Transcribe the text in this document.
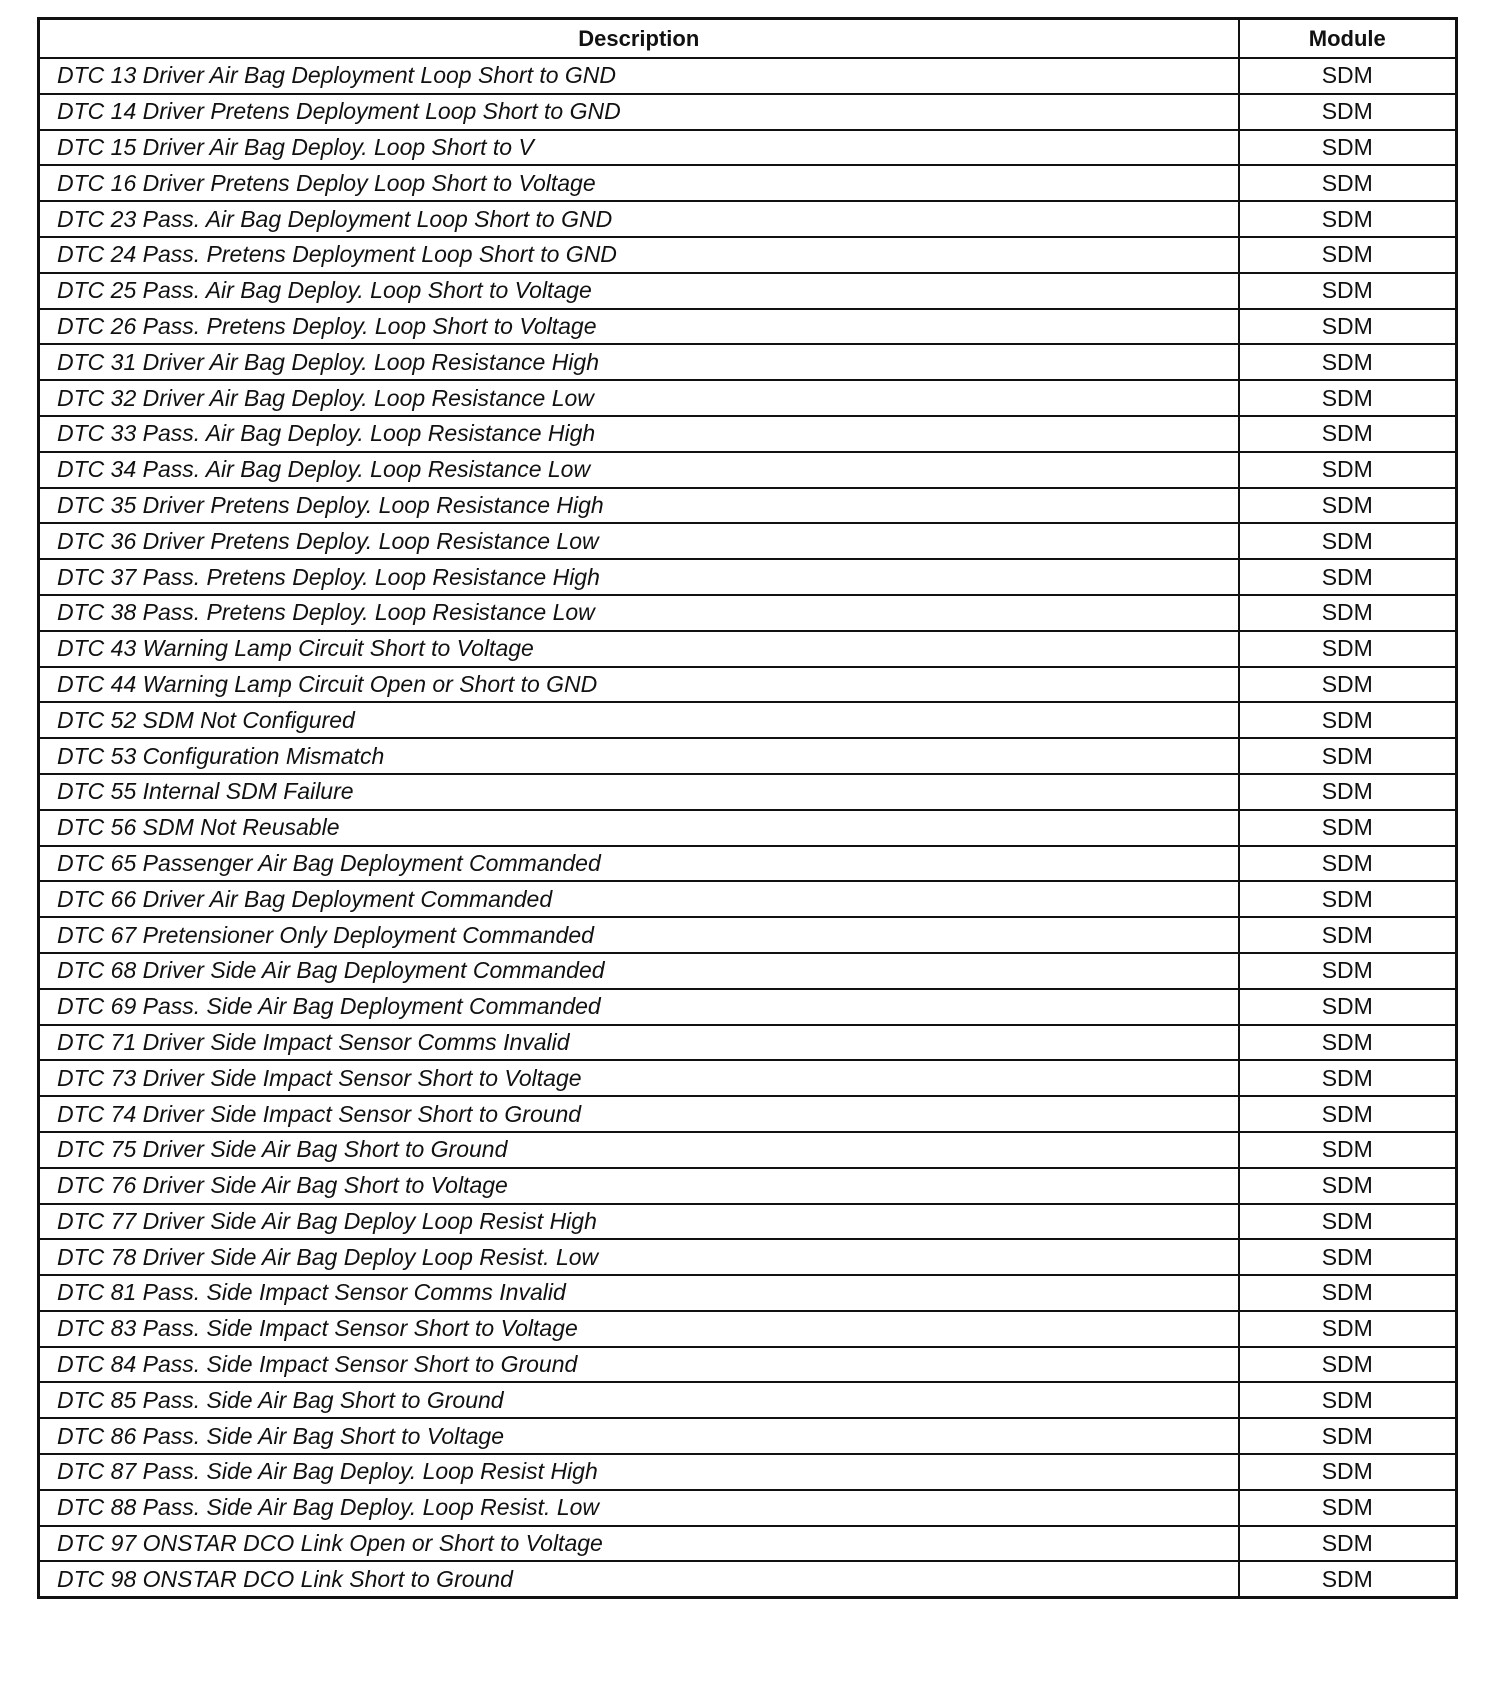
Description	Module
DTC 13 Driver Air Bag Deployment Loop Short to GND	SDM
DTC 14 Driver Pretens Deployment Loop Short to GND	SDM
DTC 15 Driver Air Bag Deploy. Loop Short to V	SDM
DTC 16 Driver Pretens Deploy Loop Short to Voltage	SDM
DTC 23 Pass. Air Bag Deployment Loop Short to GND	SDM
DTC 24 Pass. Pretens Deployment Loop Short to GND	SDM
DTC 25 Pass. Air Bag Deploy. Loop Short to Voltage	SDM
DTC 26 Pass. Pretens Deploy. Loop Short to Voltage	SDM
DTC 31 Driver Air Bag Deploy. Loop Resistance High	SDM
DTC 32 Driver Air Bag Deploy. Loop Resistance Low	SDM
DTC 33 Pass. Air Bag Deploy. Loop Resistance High	SDM
DTC 34 Pass. Air Bag Deploy. Loop Resistance Low	SDM
DTC 35 Driver Pretens Deploy. Loop Resistance High	SDM
DTC 36 Driver Pretens Deploy. Loop Resistance Low	SDM
DTC 37 Pass. Pretens Deploy. Loop Resistance High	SDM
DTC 38 Pass. Pretens Deploy. Loop Resistance Low	SDM
DTC 43 Warning Lamp Circuit Short to Voltage	SDM
DTC 44 Warning Lamp Circuit Open or Short to GND	SDM
DTC 52 SDM Not Configured	SDM
DTC 53 Configuration Mismatch	SDM
DTC 55 Internal SDM Failure	SDM
DTC 56 SDM Not Reusable	SDM
DTC 65 Passenger Air Bag Deployment Commanded	SDM
DTC 66 Driver Air Bag Deployment Commanded	SDM
DTC 67 Pretensioner Only Deployment Commanded	SDM
DTC 68 Driver Side Air Bag Deployment Commanded	SDM
DTC 69 Pass. Side Air Bag Deployment Commanded	SDM
DTC 71 Driver Side Impact Sensor Comms Invalid	SDM
DTC 73 Driver Side Impact Sensor Short to Voltage	SDM
DTC 74 Driver Side Impact Sensor Short to Ground	SDM
DTC 75 Driver Side Air Bag Short to Ground	SDM
DTC 76 Driver Side Air Bag Short to Voltage	SDM
DTC 77 Driver Side Air Bag Deploy Loop Resist High	SDM
DTC 78 Driver Side Air Bag Deploy Loop Resist. Low	SDM
DTC 81 Pass. Side Impact Sensor Comms Invalid	SDM
DTC 83 Pass. Side Impact Sensor Short to Voltage	SDM
DTC 84 Pass. Side Impact Sensor Short to Ground	SDM
DTC 85 Pass. Side Air Bag Short to Ground	SDM
DTC 86 Pass. Side Air Bag Short to Voltage	SDM
DTC 87 Pass. Side Air Bag Deploy. Loop Resist High	SDM
DTC 88 Pass. Side Air Bag Deploy. Loop Resist. Low	SDM
DTC 97 ONSTAR DCO Link Open or Short to Voltage	SDM
DTC 98 ONSTAR DCO Link Short to Ground	SDM
